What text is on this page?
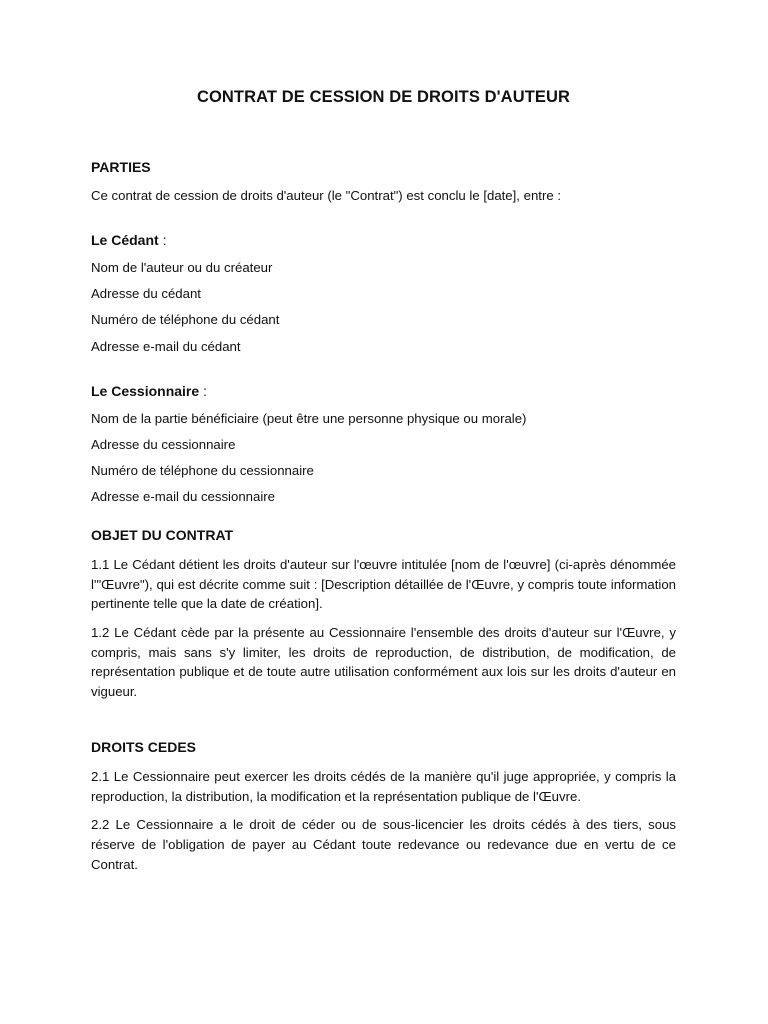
CONTRAT DE CESSION DE DROITS D'AUTEUR
PARTIES

Ce contrat de cession de droits d'auteur (le "Contrat") est conclu le [date], entre :

Le Cédant :

Nom de l'auteur ou du créateur

Adresse du cédant

Numéro de téléphone du cédant

Adresse e-mail du cédant

Le Cessionnaire :

Nom de la partie bénéficiaire (peut être une personne physique ou morale)

Adresse du cessionnaire

Numéro de téléphone du cessionnaire

Adresse e-mail du cessionnaire

OBJET DU CONTRAT

1.1 Le Cédant détient les droits d'auteur sur l'œuvre intitulée [nom de l'œuvre] (ci-après dénommée l'"Œuvre"), qui est décrite comme suit : [Description détaillée de l'Œuvre, y compris toute information pertinente telle que la date de création].

1.2 Le Cédant cède par la présente au Cessionnaire l'ensemble des droits d'auteur sur l'Œuvre, y compris, mais sans s'y limiter, les droits de reproduction, de distribution, de modification, de représentation publique et de toute autre utilisation conformément aux lois sur les droits d'auteur en vigueur.

DROITS CEDES

2.1 Le Cessionnaire peut exercer les droits cédés de la manière qu'il juge appropriée, y compris la reproduction, la distribution, la modification et la représentation publique de l'Œuvre.

2.2 Le Cessionnaire a le droit de céder ou de sous-licencier les droits cédés à des tiers, sous réserve de l'obligation de payer au Cédant toute redevance ou redevance due en vertu de ce Contrat.
